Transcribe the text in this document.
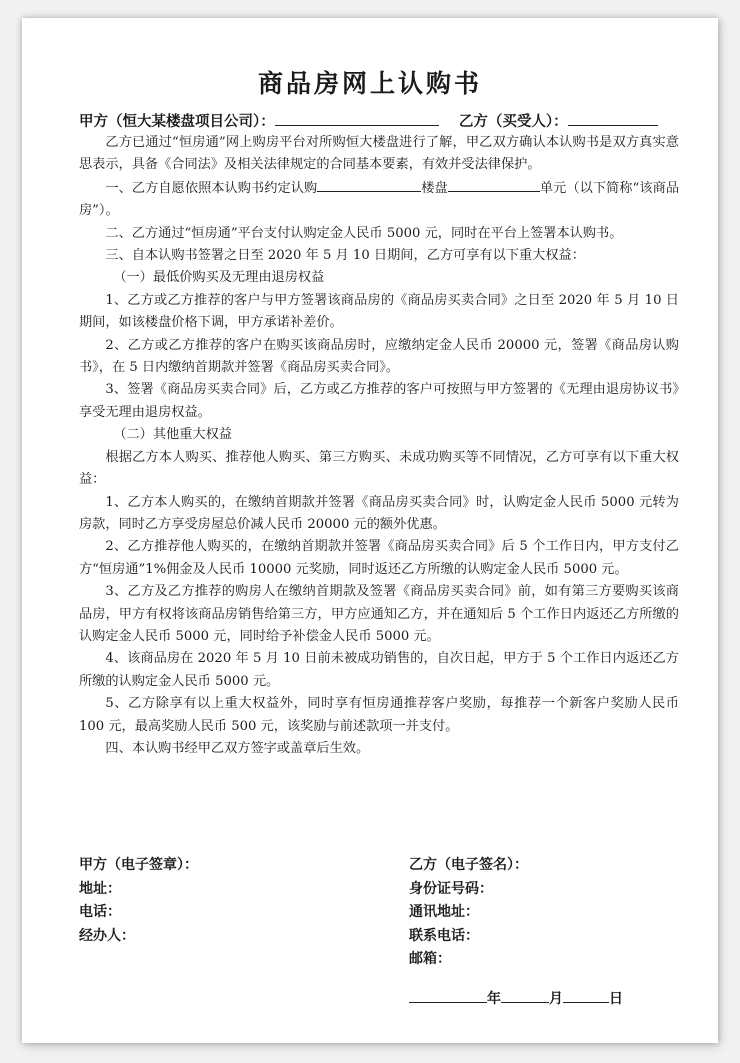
商品房网上认购书
甲方（恒大某楼盘项目公司）：	乙方（买受人）：

乙方已通过“恒房通”网上购房平台对所购恒大楼盘进行了解，甲乙双方确认本认购书是双方真实意思表示，具备《合同法》及相关法律规定的合同基本要素，有效并受法律保护。

一、乙方自愿依照本认购书约定认购	楼盘	单元（以下简称“该商品房”）。

二、乙方通过“恒房通”平台支付认购定金人民币 5000 元，同时在平台上签署本认购书。

三、自本认购书签署之日至 2020 年 5 月 10 日期间，乙方可享有以下重大权益：

（一）最低价购买及无理由退房权益

1、乙方或乙方推荐的客户与甲方签署该商品房的《商品房买卖合同》之日至 2020 年 5 月 10 日期间，如该楼盘价格下调，甲方承诺补差价。

2、乙方或乙方推荐的客户在购买该商品房时，应缴纳定金人民币 20000 元，签署《商品房认购书》，在 5 日内缴纳首期款并签署《商品房买卖合同》。

3、签署《商品房买卖合同》后，乙方或乙方推荐的客户可按照与甲方签署的《无理由退房协议书》享受无理由退房权益。

（二）其他重大权益

根据乙方本人购买、推荐他人购买、第三方购买、未成功购买等不同情况，乙方可享有以下重大权益：

1、乙方本人购买的，在缴纳首期款并签署《商品房买卖合同》时，认购定金人民币 5000 元转为房款，同时乙方享受房屋总价减人民币 20000 元的额外优惠。

2、乙方推荐他人购买的，在缴纳首期款并签署《商品房买卖合同》后 5 个工作日内，甲方支付乙方“恒房通”1%佣金及人民币 10000 元奖励，同时返还乙方所缴的认购定金人民币 5000 元。

3、乙方及乙方推荐的购房人在缴纳首期款及签署《商品房买卖合同》前，如有第三方要购买该商品房，甲方有权将该商品房销售给第三方，甲方应通知乙方，并在通知后 5 个工作日内返还乙方所缴的认购定金人民币 5000 元，同时给予补偿金人民币 5000 元。

4、该商品房在 2020 年 5 月 10 日前未被成功销售的，自次日起，甲方于 5 个工作日内返还乙方所缴的认购定金人民币 5000 元。

5、乙方除享有以上重大权益外，同时享有恒房通推荐客户奖励，每推荐一个新客户奖励人民币 100 元，最高奖励人民币 500 元，该奖励与前述款项一并支付。

四、本认购书经甲乙双方签字或盖章后生效。

甲方（电子签章）：
地址：
电话：
经办人：
乙方（电子签名）：
身份证号码：
通讯地址：
联系电话：
邮箱：
年	月	日
